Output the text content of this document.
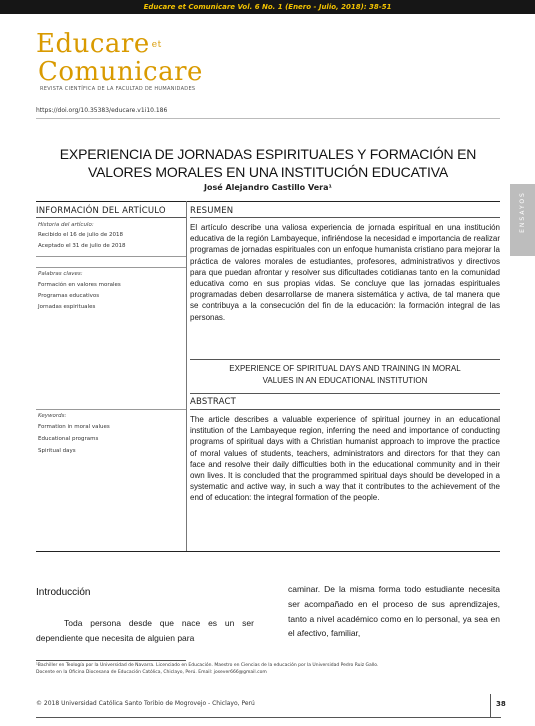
Educare et Comunicare Vol. 6 No. 1 (Enero - Julio, 2018): 38-51
Educare et
Comunicare
REVISTA CIENTÍFICA DE LA FACULTAD DE HUMANIDADES
https://doi.org/10.35383/educare.v1i10.186
EXPERIENCIA DE JORNADAS ESPIRITUALES Y FORMACIÓN EN
VALORES MORALES EN UNA INSTITUCIÓN EDUCATIVA
José Alejandro Castillo Vera¹
ENSAYOS
INFORMACIÓN DEL ARTÍCULO	RESUMEN
Historia del artículo:
Recibido el 16 de julio de 2018
Aceptado el 31 de julio de 2018
Palabras claves:
Formación en valores morales
Programas educativos
Jornadas espirituales
El artículo describe una valiosa experiencia de jornada espiritual en una institución educativa de la región Lambayeque, infiriéndose la necesidad e importancia de realizar programas de jornadas espirituales con un enfoque humanista cristiano para mejorar la práctica de valores morales de estudiantes, profesores, administrativos y directivos para que puedan afrontar y resolver sus dificultades cotidianas tanto en la comunidad educativa como en sus propias vidas. Se concluye que las jornadas espirituales programadas deben desarrollarse de manera sistemática y activa, de tal manera que se contribuya a la consecución del fin de la educación: la formación integral de las personas.
EXPERIENCE OF SPIRITUAL DAYS AND TRAINING IN MORAL
VALUES IN AN EDUCATIONAL INSTITUTION
ABSTRACT
Keywords:
Formation in moral values
Educational programs
Spiritual days
The article describes a valuable experience of spiritual journey in an educational institution of the Lambayeque region, inferring the need and importance of conducting programs of spiritual days with a Christian humanist approach to improve the practice of moral values of students, teachers, administrators and directors for that they can face and resolve their daily difficulties both in the educational community and in their own lives. It is concluded that the programmed spiritual days should be developed in a systematic and active way, in such a way that it contributes to the achievement of the end of education: the integral formation of the people.
Introducción
Toda persona desde que nace es un ser dependiente que necesita de alguien para
caminar. De la misma forma todo estudiante necesita ser acompañado en el proceso de sus aprendizajes, tanto a nivel académico como en lo personal, ya sea en el afectivo, familiar,
¹Bachiller en Teología por la Universidad de Navarra. Licenciado en Educación. Maestro en Ciencias de la educación por la Universidad Pedro Ruiz Gallo.
Docente en la Oficina Diocesana de Educación Católica, Chiclayo, Perú. Email: josever666@gmail.com
© 2018 Universidad Católica Santo Toribio de Mogrovejo - Chiclayo, Perú	38
